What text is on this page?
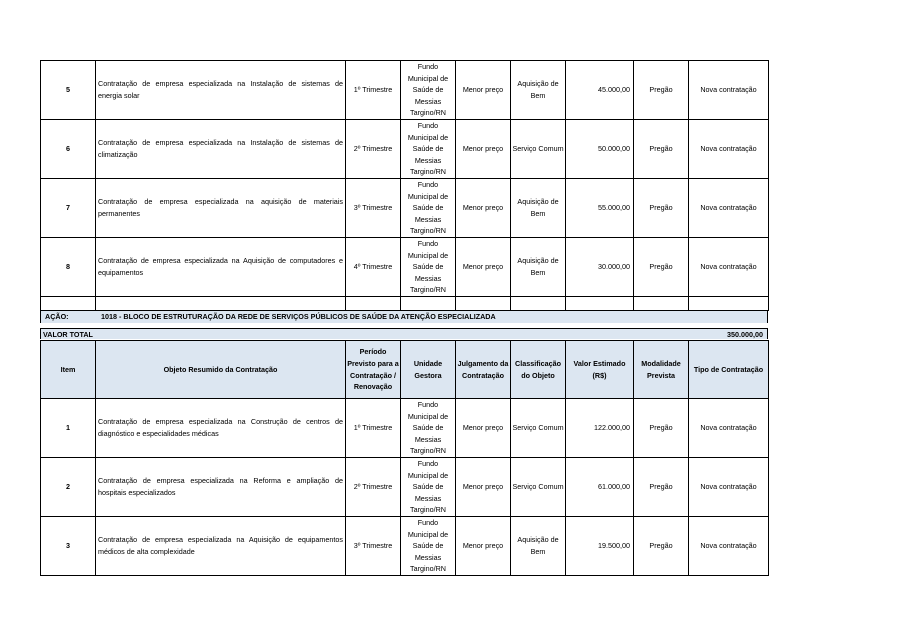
5	Contratação de empresa especializada na Instalação de sistemas de energia solar	1º Trimestre	Fundo Municipal de Saúde de Messias Targino/RN	Menor preço	Aquisição de Bem	45.000,00	Pregão	Nova contratação
6	Contratação de empresa especializada na Instalação de sistemas de climatização	2º Trimestre	Fundo Municipal de Saúde de Messias Targino/RN	Menor preço	Serviço Comum	50.000,00	Pregão	Nova contratação
7	Contratação de empresa especializada na aquisição de materiais permanentes	3º Trimestre	Fundo Municipal de Saúde de Messias Targino/RN	Menor preço	Aquisição de Bem	55.000,00	Pregão	Nova contratação
8	Contratação de empresa especializada na Aquisição de computadores e equipamentos	4º Trimestre	Fundo Municipal de Saúde de Messias Targino/RN	Menor preço	Aquisição de Bem	30.000,00	Pregão	Nova contratação

AÇÃO:	1018 - BLOCO DE ESTRUTURAÇÃO DA REDE DE SERVIÇOS PÚBLICOS DE SAÚDE DA ATENÇÃO ESPECIALIZADA
VALOR TOTAL	350.000,00
Item	Objeto Resumido da Contratação	Período Previsto para a Contratação / Renovação	Unidade Gestora	Julgamento da Contratação	Classificação do Objeto	Valor Estimado (R$)	Modalidade Prevista	Tipo de Contratação
1	Contratação de empresa especializada na Construção de centros de diagnóstico e especialidades médicas	1º Trimestre	Fundo Municipal de Saúde de Messias Targino/RN	Menor preço	Serviço Comum	122.000,00	Pregão	Nova contratação
2	Contratação de empresa especializada na Reforma e ampliação de hospitais especializados	2º Trimestre	Fundo Municipal de Saúde de Messias Targino/RN	Menor preço	Serviço Comum	61.000,00	Pregão	Nova contratação
3	Contratação de empresa especializada na Aquisição de equipamentos médicos de alta complexidade	3º Trimestre	Fundo Municipal de Saúde de Messias Targino/RN	Menor preço	Aquisição de Bem	19.500,00	Pregão	Nova contratação
